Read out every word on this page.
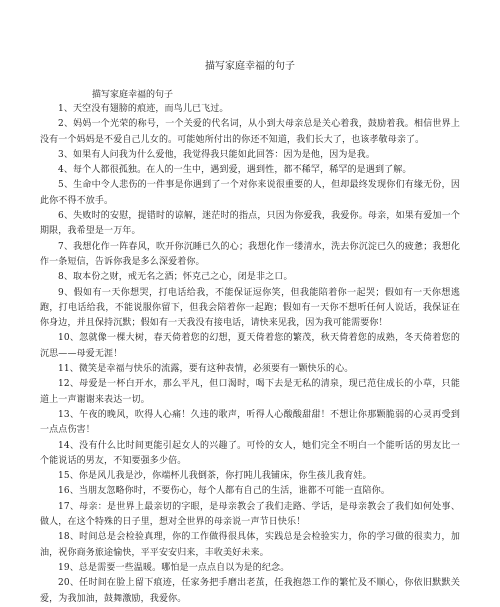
描写家庭幸福的句子
描写家庭幸福的句子

1、天空没有翅膀的痕迹，而鸟儿已飞过。

2、妈妈一个光荣的称号，一个关爱的代名词，从小到大母亲总是关心着我，鼓励着我。相信世界上没有一个妈妈是不爱自己儿女的。可能她所付出的你还不知道，我们长大了，也该孝敬母亲了。

3、如果有人问我为什么爱他，我觉得我只能如此回答：因为是他，因为是我。

4、每个人都很孤独。在人的一生中，遇到爱，遇到性，都不稀罕，稀罕的是遇到了解。

5、生命中令人悲伤的一件事是你遇到了一个对你来说很重要的人，但却最终发现你们有缘无份，因此你不得不放手。

6、失败时的安慰，提错时的谅解，迷茫时的指点，只因为你爱我，我爱你。母亲，如果有爱加一个期限，我希望是一万年。

7、我想化作一阵春风，吹开你沉睡已久的心；我想化作一缕清水，洗去你沉淀已久的疲惫；我想化作一条短信，告诉你我是多么深爱着你。

8、取本份之财，戒无名之酒；怀克己之心，闭是非之口。

9、假如有一天你想哭，打电话给我，不能保证逗你笑，但我能陪着你一起哭；假如有一天你想逃跑，打电话给我，不能说服你留下，但我会陪着你一起跑；假如有一天你不想听任何人说话，我保证在你身边，并且保持沉默；假如有一天我没有接电话，请快来见我，因为我可能需要你！

10、忽就像一棵大树，春天倚着您的幻想，夏天倚着您的繁茂，秋天倚着您的成熟，冬天倚着您的沉思——母爱无涯！

11、微笑是幸福与快乐的流露，要有这种表情，必须要有一颗快乐的心。

12、母爱是一杯白开水，那么平凡，但口渴时，喝下去是无私的清泉，现已范住成长的小草，只能道上一声谢谢来表达一切。

13、午夜的晚风，吹得人心痛！久违的歌声，听得人心酸酸甜甜！不想让你那颗脆弱的心灵再受到一点点伤害！

14、没有什么比时间更能引起女人的兴趣了。可怜的女人，她们完全不明白一个能听话的男友比一个能说话的男友，不知要强多少倍。

15、你是风儿我是沙，你端杯儿我倒茶，你打盹儿我铺床，你生孩儿我育娃。

16、当朋友忽略你时，不要伤心，每个人都有自己的生活，谁都不可能一直陪你。

17、母亲：是世界上最亲切的字眼，是母亲教会了我们走路、学话，是母亲教会了我们如何处事、做人，在这个特殊的日子里，想对全世界的母亲说一声节日快乐！

18、时间总是会检验真理，你的工作做得很具体，实践总是会检验实力，你的学习做的很卖力，加油，祝你商务旅途愉快，平平安安归来，丰收美好未来。

19、总是需要一些温暖。哪怕是一点点自以为是的纪念。

20、任时间在脸上留下痕迹，任家务把手磨出老茧，任我抱怨工作的繁忙及不顺心，你依旧默默关爱，为我加油，鼓舞激励，我爱你。
